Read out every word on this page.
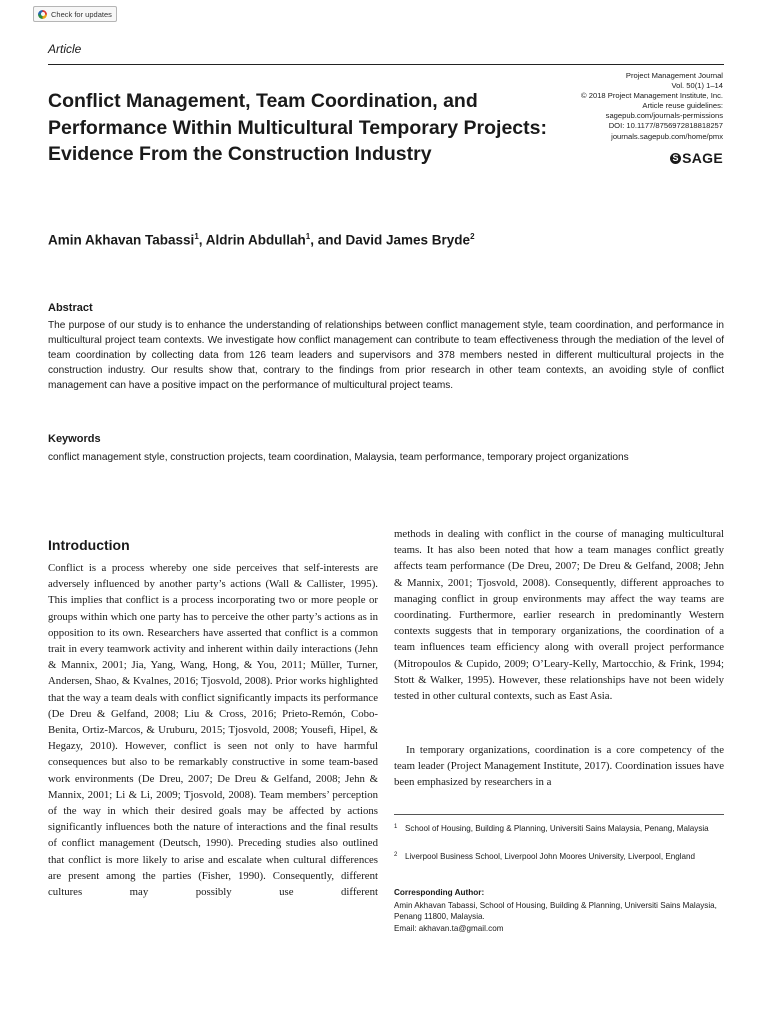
Check for updates
Article
Conflict Management, Team Coordination, and Performance Within Multicultural Temporary Projects: Evidence From the Construction Industry
Project Management Journal
Vol. 50(1) 1–14
© 2018 Project Management Institute, Inc.
Article reuse guidelines:
sagepub.com/journals-permissions
DOI: 10.1177/8756972818818257
journals.sagepub.com/home/pmx
S SAGE
Amin Akhavan Tabassi$^1$, Aldrin Abdullah$^1$, and David James Bryde$^2$
Abstract

The purpose of our study is to enhance the understanding of relationships between conflict management style, team coordination, and performance in multicultural project team contexts. We investigate how conflict management can contribute to team effectiveness through the mediation of the level of team coordination by collecting data from 126 team leaders and supervisors and 378 members nested in different multicultural projects in the construction industry. Our results show that, contrary to the findings from prior research in other team contexts, an avoiding style of conflict management can have a positive impact on the performance of multicultural project teams.

Keywords

conflict management style, construction projects, team coordination, Malaysia, team performance, temporary project organizations

Introduction

Conflict is a process whereby one side perceives that self-interests are adversely influenced by another party’s actions (Wall & Callister, 1995). This implies that conflict is a process incorporating two or more people or groups within which one party has to perceive the other party’s actions as in opposition to its own. Researchers have asserted that conflict is a common trait in every teamwork activity and inherent within daily interactions (Jehn & Mannix, 2001; Jia, Yang, Wang, Hong, & You, 2011; Müller, Turner, Andersen, Shao, & Kvalnes, 2016; Tjosvold, 2008). Prior works highlighted that the way a team deals with conflict significantly impacts its performance (De Dreu & Gelfand, 2008; Liu & Cross, 2016; Prieto-Remón, Cobo-Benita, Ortiz-Marcos, & Uruburu, 2015; Tjosvold, 2008; Yousefi, Hipel, & Hegazy, 2010). However, conflict is seen not only to have harmful consequences but also to be remarkably constructive in some team-based work environments (De Dreu, 2007; De Dreu & Gelfand, 2008; Jehn & Mannix, 2001; Li & Li, 2009; Tjosvold, 2008). Team members’ perception of the way in which their desired goals may be affected by actions significantly influences both the nature of interactions and the final results of conflict management (Deutsch, 1990). Preceding studies also outlined that conflict is more likely to arise and escalate when cultural differences are present among the parties (Fisher, 1990). Consequently, different cultures may possibly use different

methods in dealing with conflict in the course of managing multicultural teams. It has also been noted that how a team manages conflict greatly affects team performance (De Dreu, 2007; De Dreu & Gelfand, 2008; Jehn & Mannix, 2001; Tjosvold, 2008). Consequently, different approaches to managing conflict in group environments may affect the way teams are coordinating. Furthermore, earlier research in predominantly Western contexts suggests that in temporary organizations, the coordination of a team influences team efficiency along with overall project performance (Mitropoulos & Cupido, 2009; O’Leary-Kelly, Martocchio, & Frink, 1994; Stott & Walker, 1995). However, these relationships have not been widely tested in other cultural contexts, such as East Asia.

In temporary organizations, coordination is a core competency of the team leader (Project Management Institute, 2017). Coordination issues have been emphasized by researchers in a

1 School of Housing, Building & Planning, Universiti Sains Malaysia, Penang, Malaysia
2 Liverpool Business School, Liverpool John Moores University, Liverpool, England
Corresponding Author:
Amin Akhavan Tabassi, School of Housing, Building & Planning, Universiti Sains Malaysia, Penang 11800, Malaysia.
Email: akhavan.ta@gmail.com
